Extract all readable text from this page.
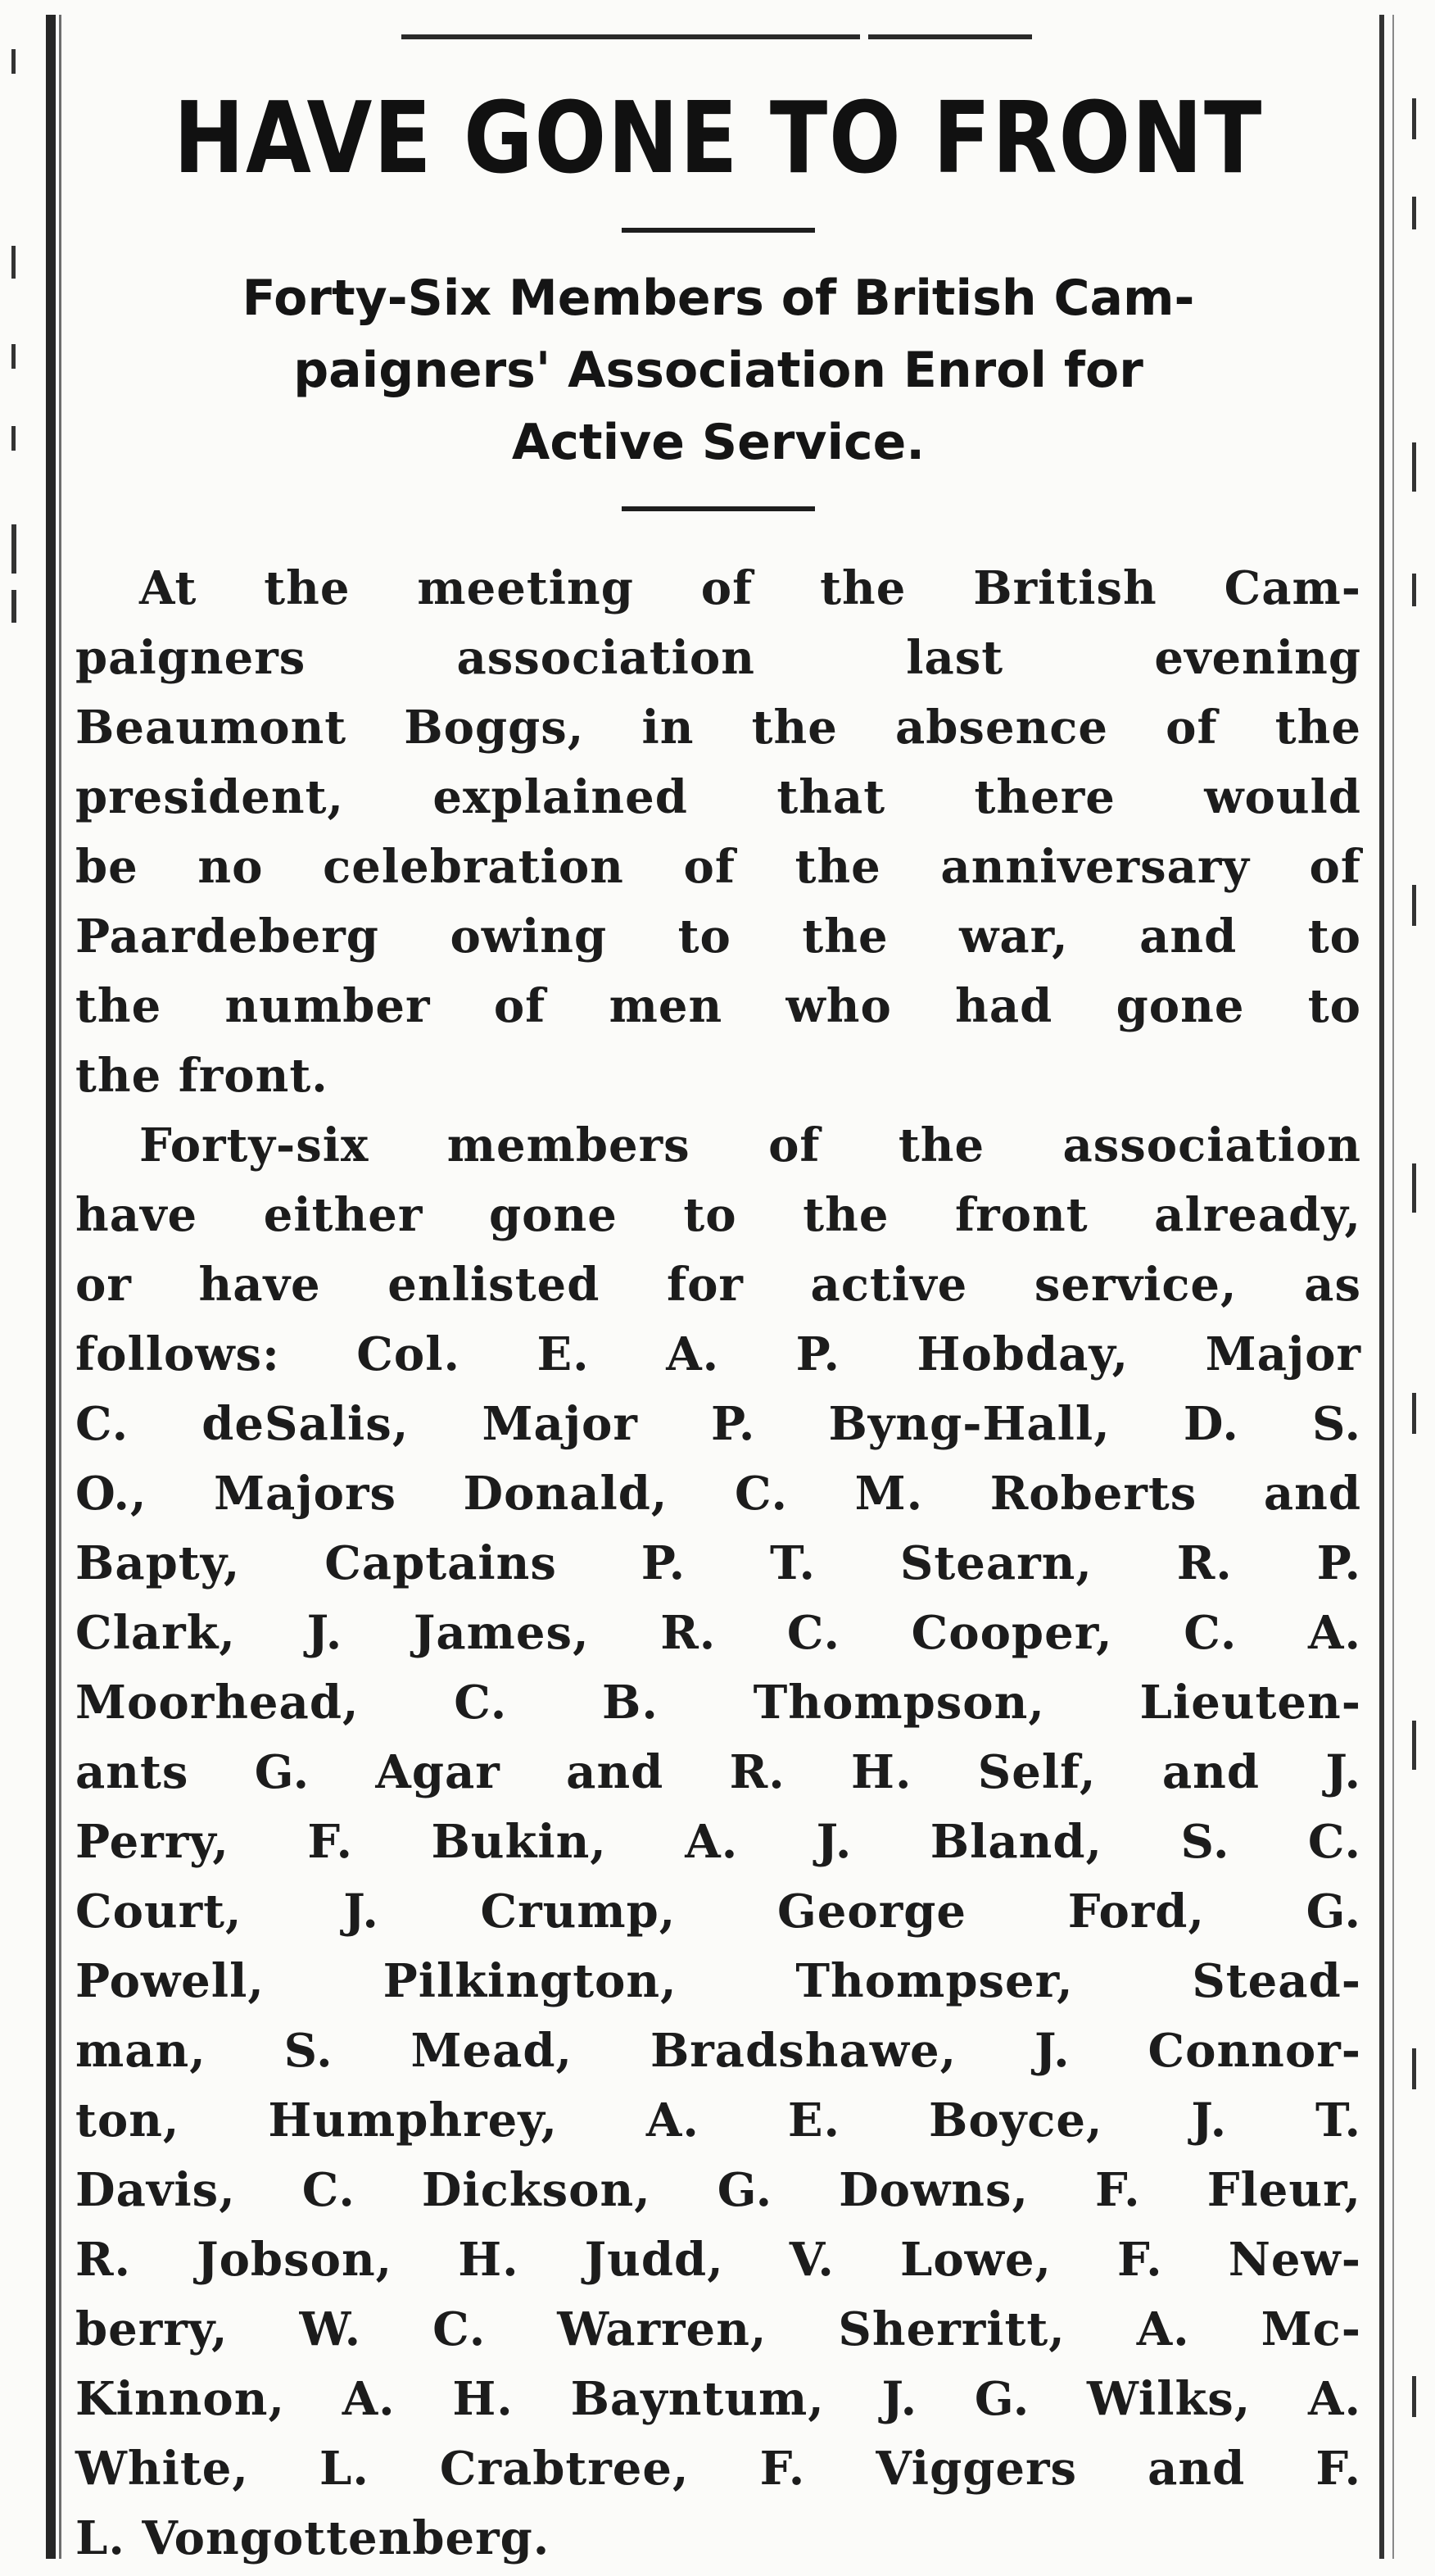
HAVE GONE TO FRONT
Forty-Six Members of British Cam-
paigners' Association Enrol for
Active Service.
At the meeting of the British Cam-
paigners association last evening
Beaumont Boggs, in the absence of the
president, explained that there would
be no celebration of the anniversary of
Paardeberg owing to the war, and to
the number of men who had gone to
the front.
Forty-six members of the association
have either gone to the front already,
or have enlisted for active service, as
follows: Col. E. A. P. Hobday, Major
C. deSalis, Major P. Byng-Hall, D. S.
O., Majors Donald, C. M. Roberts and
Bapty, Captains P. T. Stearn, R. P.
Clark, J. James, R. C. Cooper, C. A.
Moorhead, C. B. Thompson, Lieuten-
ants G. Agar and R. H. Self, and J.
Perry, F. Bukin, A. J. Bland, S. C.
Court, J. Crump, George Ford, G.
Powell, Pilkington, Thompser, Stead-
man, S. Mead, Bradshawe, J. Connor-
ton, Humphrey, A. E. Boyce, J. T.
Davis, C. Dickson, G. Downs, F. Fleur,
R. Jobson, H. Judd, V. Lowe, F. New-
berry, W. C. Warren, Sherritt, A. Mc-
Kinnon, A. H. Bayntum, J. G. Wilks, A.
White, L. Crabtree, F. Viggers and F.
L. Vongottenberg.
